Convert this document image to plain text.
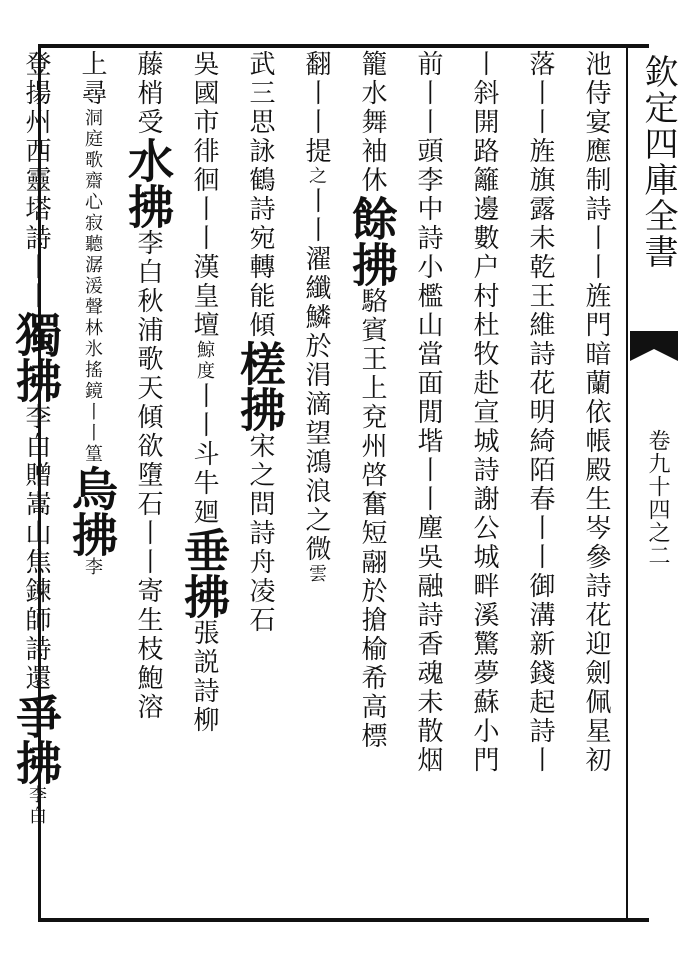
欽定四庫全書
卷九十四之二
池侍宴應制詩丨丨旌門暗蘭依帳殿生岑參詩花迎劍佩星初
落丨丨旌旗露未乾王維詩花明綺陌春丨丨御溝新錢起詩丨
丨斜開路籬邊數户村杜牧赴宣城詩謝公城畔溪驚夢蘇小門
前丨丨頭李中詩小檻山當面閒堦丨丨塵吳融詩香魂未散烟
籠水舞袖休餘拂駱賓王上兗州啓奮短翮於搶榆希高標
翻丨丨提之丨丨濯纖鱗於涓滴望鴻浪之微雲
武三思詠鶴詩宛轉能傾槎拂宋之問詩舟凌石
吳國市徘徊丨丨漢皇壇鯨度丨丨斗牛廻垂拂張説詩柳
藤梢受水拂李白秋浦歌天傾欲墮石丨丨寄生枝鮑溶
上尋洞庭歌齋心寂聽潺湲聲林氷搖鏡丨丨篁烏拂李
登揚州西靈塔詩丨丨獨拂李白贈嵩山焦鍊師詩還爭拂李白
